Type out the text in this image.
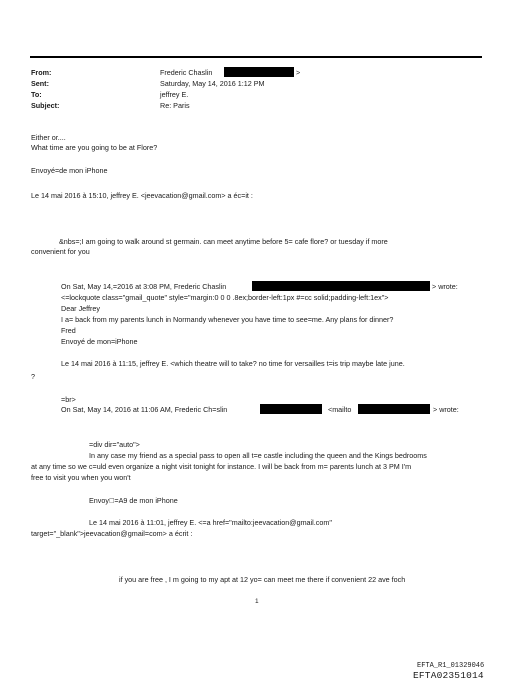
From:	Frederic Chaslin	>
Sent:	Saturday, May 14, 2016 1:12 PM
To:	jeffrey E.
Subject:	Re: Paris
Either or....
What time are you going to be at Flore?
Envoyé=de mon iPhone
Le 14 mai 2016 à 15:10, jeffrey E. <jeevacation@gmail.com> a éc=it :
&nbs=;I am going to walk around st germain. can meet anytime before 5= cafe flore? or tuesday if more
convenient for you
On Sat, May 14,=2016 at 3:08 PM, Frederic Chaslin	> wrote:
<=lockquote class="gmail_quote" style="margin:0 0 0 .8ex;border-left:1px #=cc solid;padding-left:1ex">
Dear Jeffrey
I a= back from my parents lunch in Normandy whenever you have time to see=me. Any plans for dinner?
Fred
Envoyé de mon=iPhone
Le 14 mai 2016 à 11:15, jeffrey E. <which theatre will to take? no time for versailles t=is trip maybe late june.
?
=br>
On Sat, May 14, 2016 at 11:06 AM, Frederic Ch=slin	<mailto	> wrote:
=div dir="auto">
In any case my friend as a special pass to open all t=e castle including the queen and the Kings bedrooms
at any time so we c=uld even organize a night visit tonight for instance. I will be back from m= parents lunch at 3 PM I'm
free to visit you when you won't
Envoy =A9 de mon iPhone
Le 14 mai 2016 à 11:01, jeffrey E. <=a href="mailto:jeevacation@gmail.com"
target="_blank">jeevacation@gmail=com> a écrit :
if you are free , I m going to my apt at 12 yo= can meet me there if convenient 22 ave foch
1
EFTA_R1_01329046
EFTA02351014
